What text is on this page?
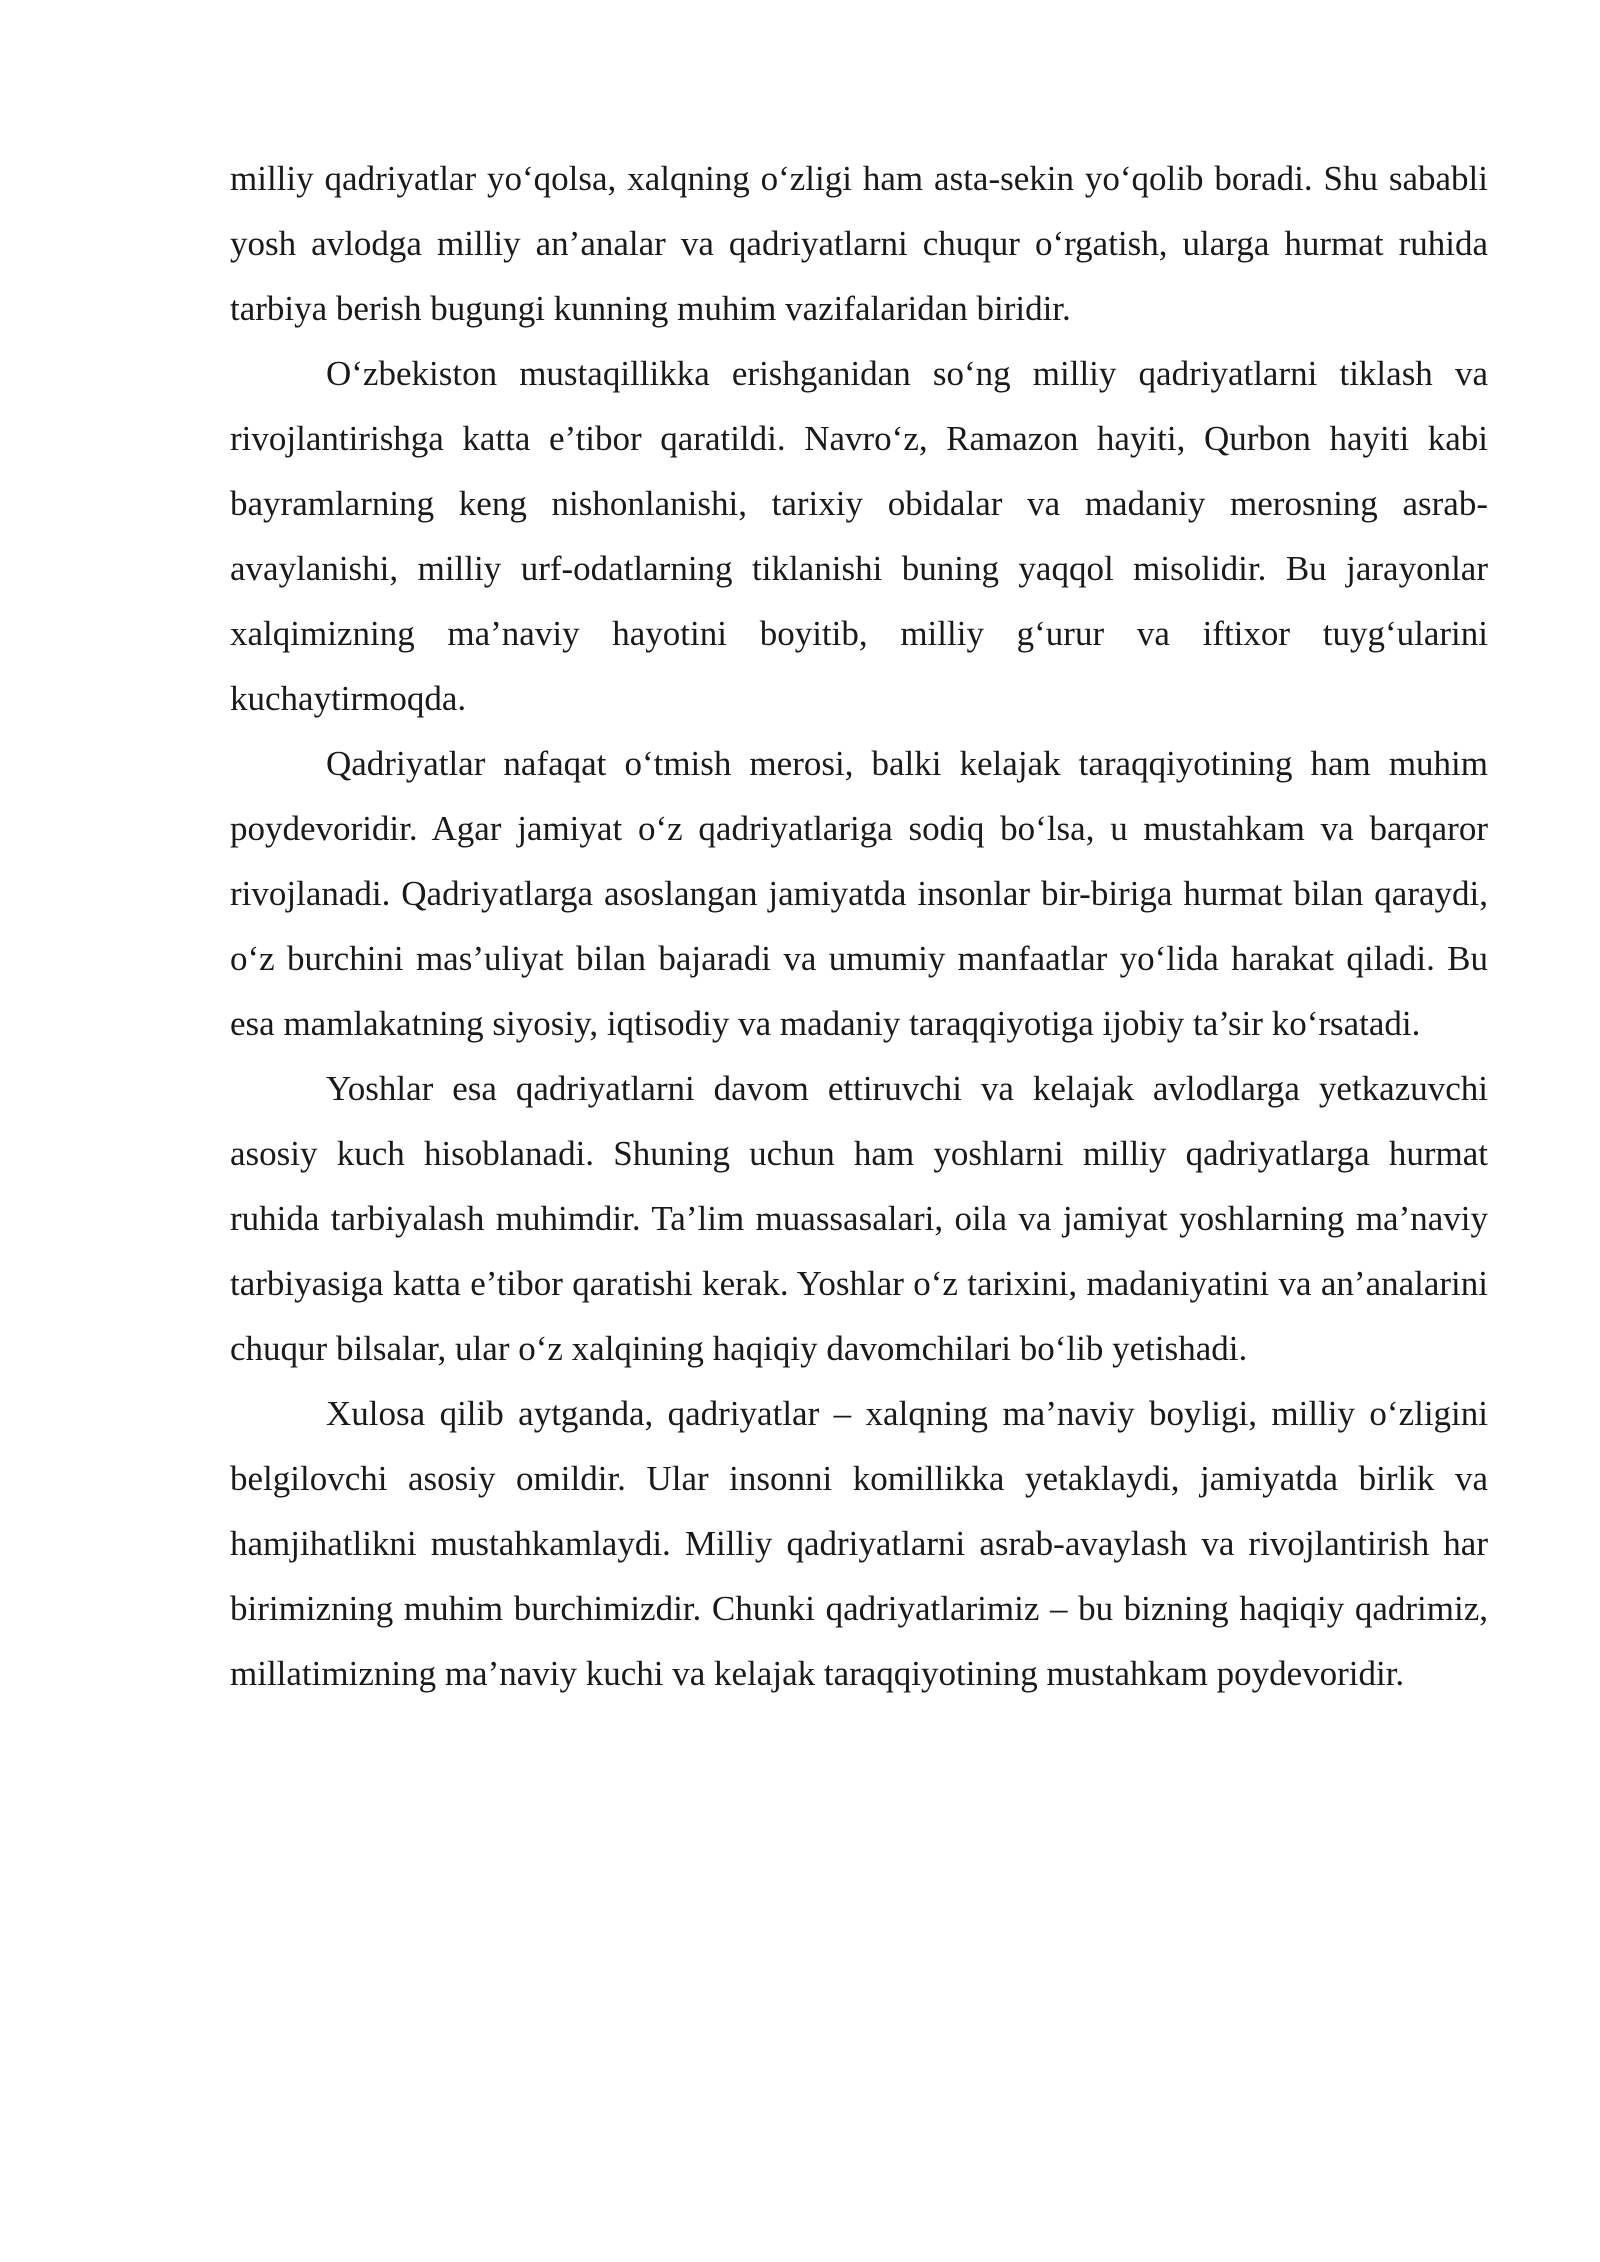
milliy qadriyatlar yo‘qolsa, xalqning o‘zligi ham asta-sekin yo‘qolib boradi. Shu sababli yosh avlodga milliy an’analar va qadriyatlarni chuqur o‘rgatish, ularga hurmat ruhida tarbiya berish bugungi kunning muhim vazifalaridan biridir.

O‘zbekiston mustaqillikka erishganidan so‘ng milliy qadriyatlarni tiklash va rivojlantirishga katta e’tibor qaratildi. Navro‘z, Ramazon hayiti, Qurbon hayiti kabi bayramlarning keng nishonlanishi, tarixiy obidalar va madaniy merosning asrab-avaylanishi, milliy urf-odatlarning tiklanishi buning yaqqol misolidir. Bu jarayonlar xalqimizning ma’naviy hayotini boyitib, milliy g‘urur va iftixor tuyg‘ularini kuchaytirmoqda.

Qadriyatlar nafaqat o‘tmish merosi, balki kelajak taraqqiyotining ham muhim poydevoridir. Agar jamiyat o‘z qadriyatlariga sodiq bo‘lsa, u mustahkam va barqaror rivojlanadi. Qadriyatlarga asoslangan jamiyatda insonlar bir-biriga hurmat bilan qaraydi, o‘z burchini mas’uliyat bilan bajaradi va umumiy manfaatlar yo‘lida harakat qiladi. Bu esa mamlakatning siyosiy, iqtisodiy va madaniy taraqqiyotiga ijobiy ta’sir ko‘rsatadi.

Yoshlar esa qadriyatlarni davom ettiruvchi va kelajak avlodlarga yetkazuvchi asosiy kuch hisoblanadi. Shuning uchun ham yoshlarni milliy qadriyatlarga hurmat ruhida tarbiyalash muhimdir. Ta’lim muassasalari, oila va jamiyat yoshlarning ma’naviy tarbiyasiga katta e’tibor qaratishi kerak. Yoshlar o‘z tarixini, madaniyatini va an’analarini chuqur bilsalar, ular o‘z xalqining haqiqiy davomchilari bo‘lib yetishadi.

Xulosa qilib aytganda, qadriyatlar – xalqning ma’naviy boyligi, milliy o‘zligini belgilovchi asosiy omildir. Ular insonni komillikka yetaklaydi, jamiyatda birlik va hamjihatlikni mustahkamlaydi. Milliy qadriyatlarni asrab-avaylash va rivojlantirish har birimizning muhim burchimizdir. Chunki qadriyatlarimiz – bu bizning haqiqiy qadrimiz, millatimizning ma’naviy kuchi va kelajak taraqqiyotining mustahkam poydevoridir.
